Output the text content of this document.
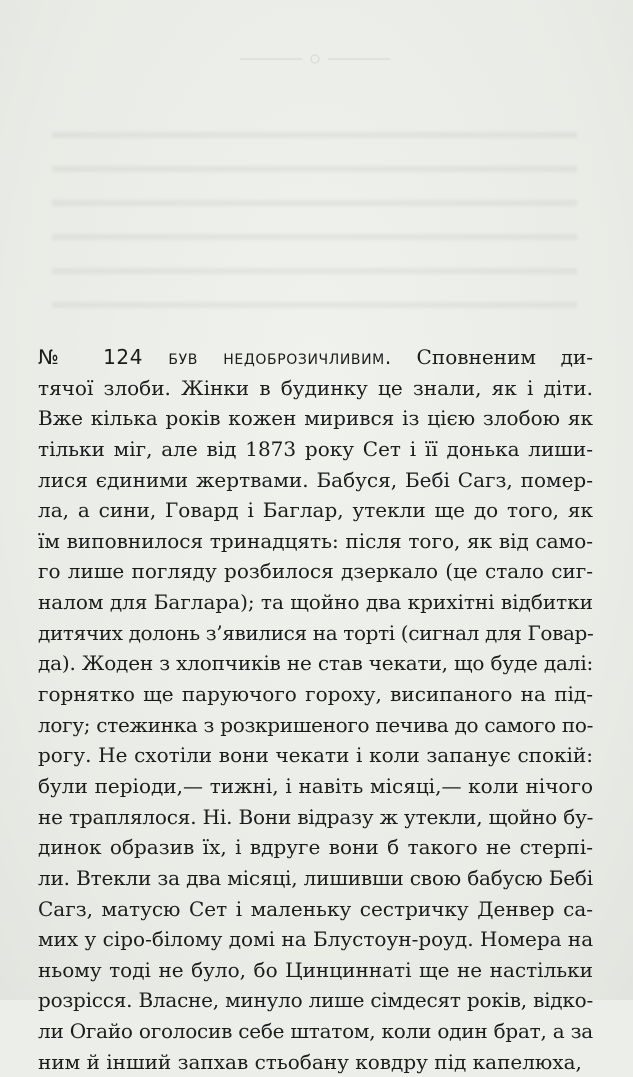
№ 124 був недоброзичливим. Сповненим ди-
тячої злоби. Жінки в будинку це знали, як і діти.
Вже кілька років кожен мирився із цією злобою як
тільки міг, але від 1873 року Сет і її донька лиши-
лися єдиними жертвами. Бабуся, Бебі Сагз, помер-
ла, а сини, Говард і Баглар, утекли ще до того, як
їм виповнилося тринадцять: після того, як від само-
го лише погляду розбилося дзеркало (це стало сиг-
налом для Баглара); та щойно два крихітні відбитки
дитячих долонь з’явилися на торті (сигнал для Говар-
да). Жоден з хлопчиків не став чекати, що буде далі:
горнятко ще паруючого гороху, висипаного на під-
логу; стежинка з розкришеного печива до самого по-
рогу. Не схотіли вони чекати і коли запанує спокій:
були періоди,— тижні, і навіть місяці,— коли нічого
не траплялося. Ні. Вони відразу ж утекли, щойно бу-
динок образив їх, і вдруге вони б такого не стерпі-
ли. Втекли за два місяці, лишивши свою бабусю Бебі
Сагз, матусю Сет і маленьку сестричку Денвер са-
мих у сіро-білому домі на Блустоун-роуд. Номера на
ньому тоді не було, бо Цинциннаті ще не настільки
розрісся. Власне, минуло лише сімдесят років, відко-
ли Огайо оголосив себе штатом, коли один брат, а за
ним й інший запхав стьобану ковдру під капелюха,
